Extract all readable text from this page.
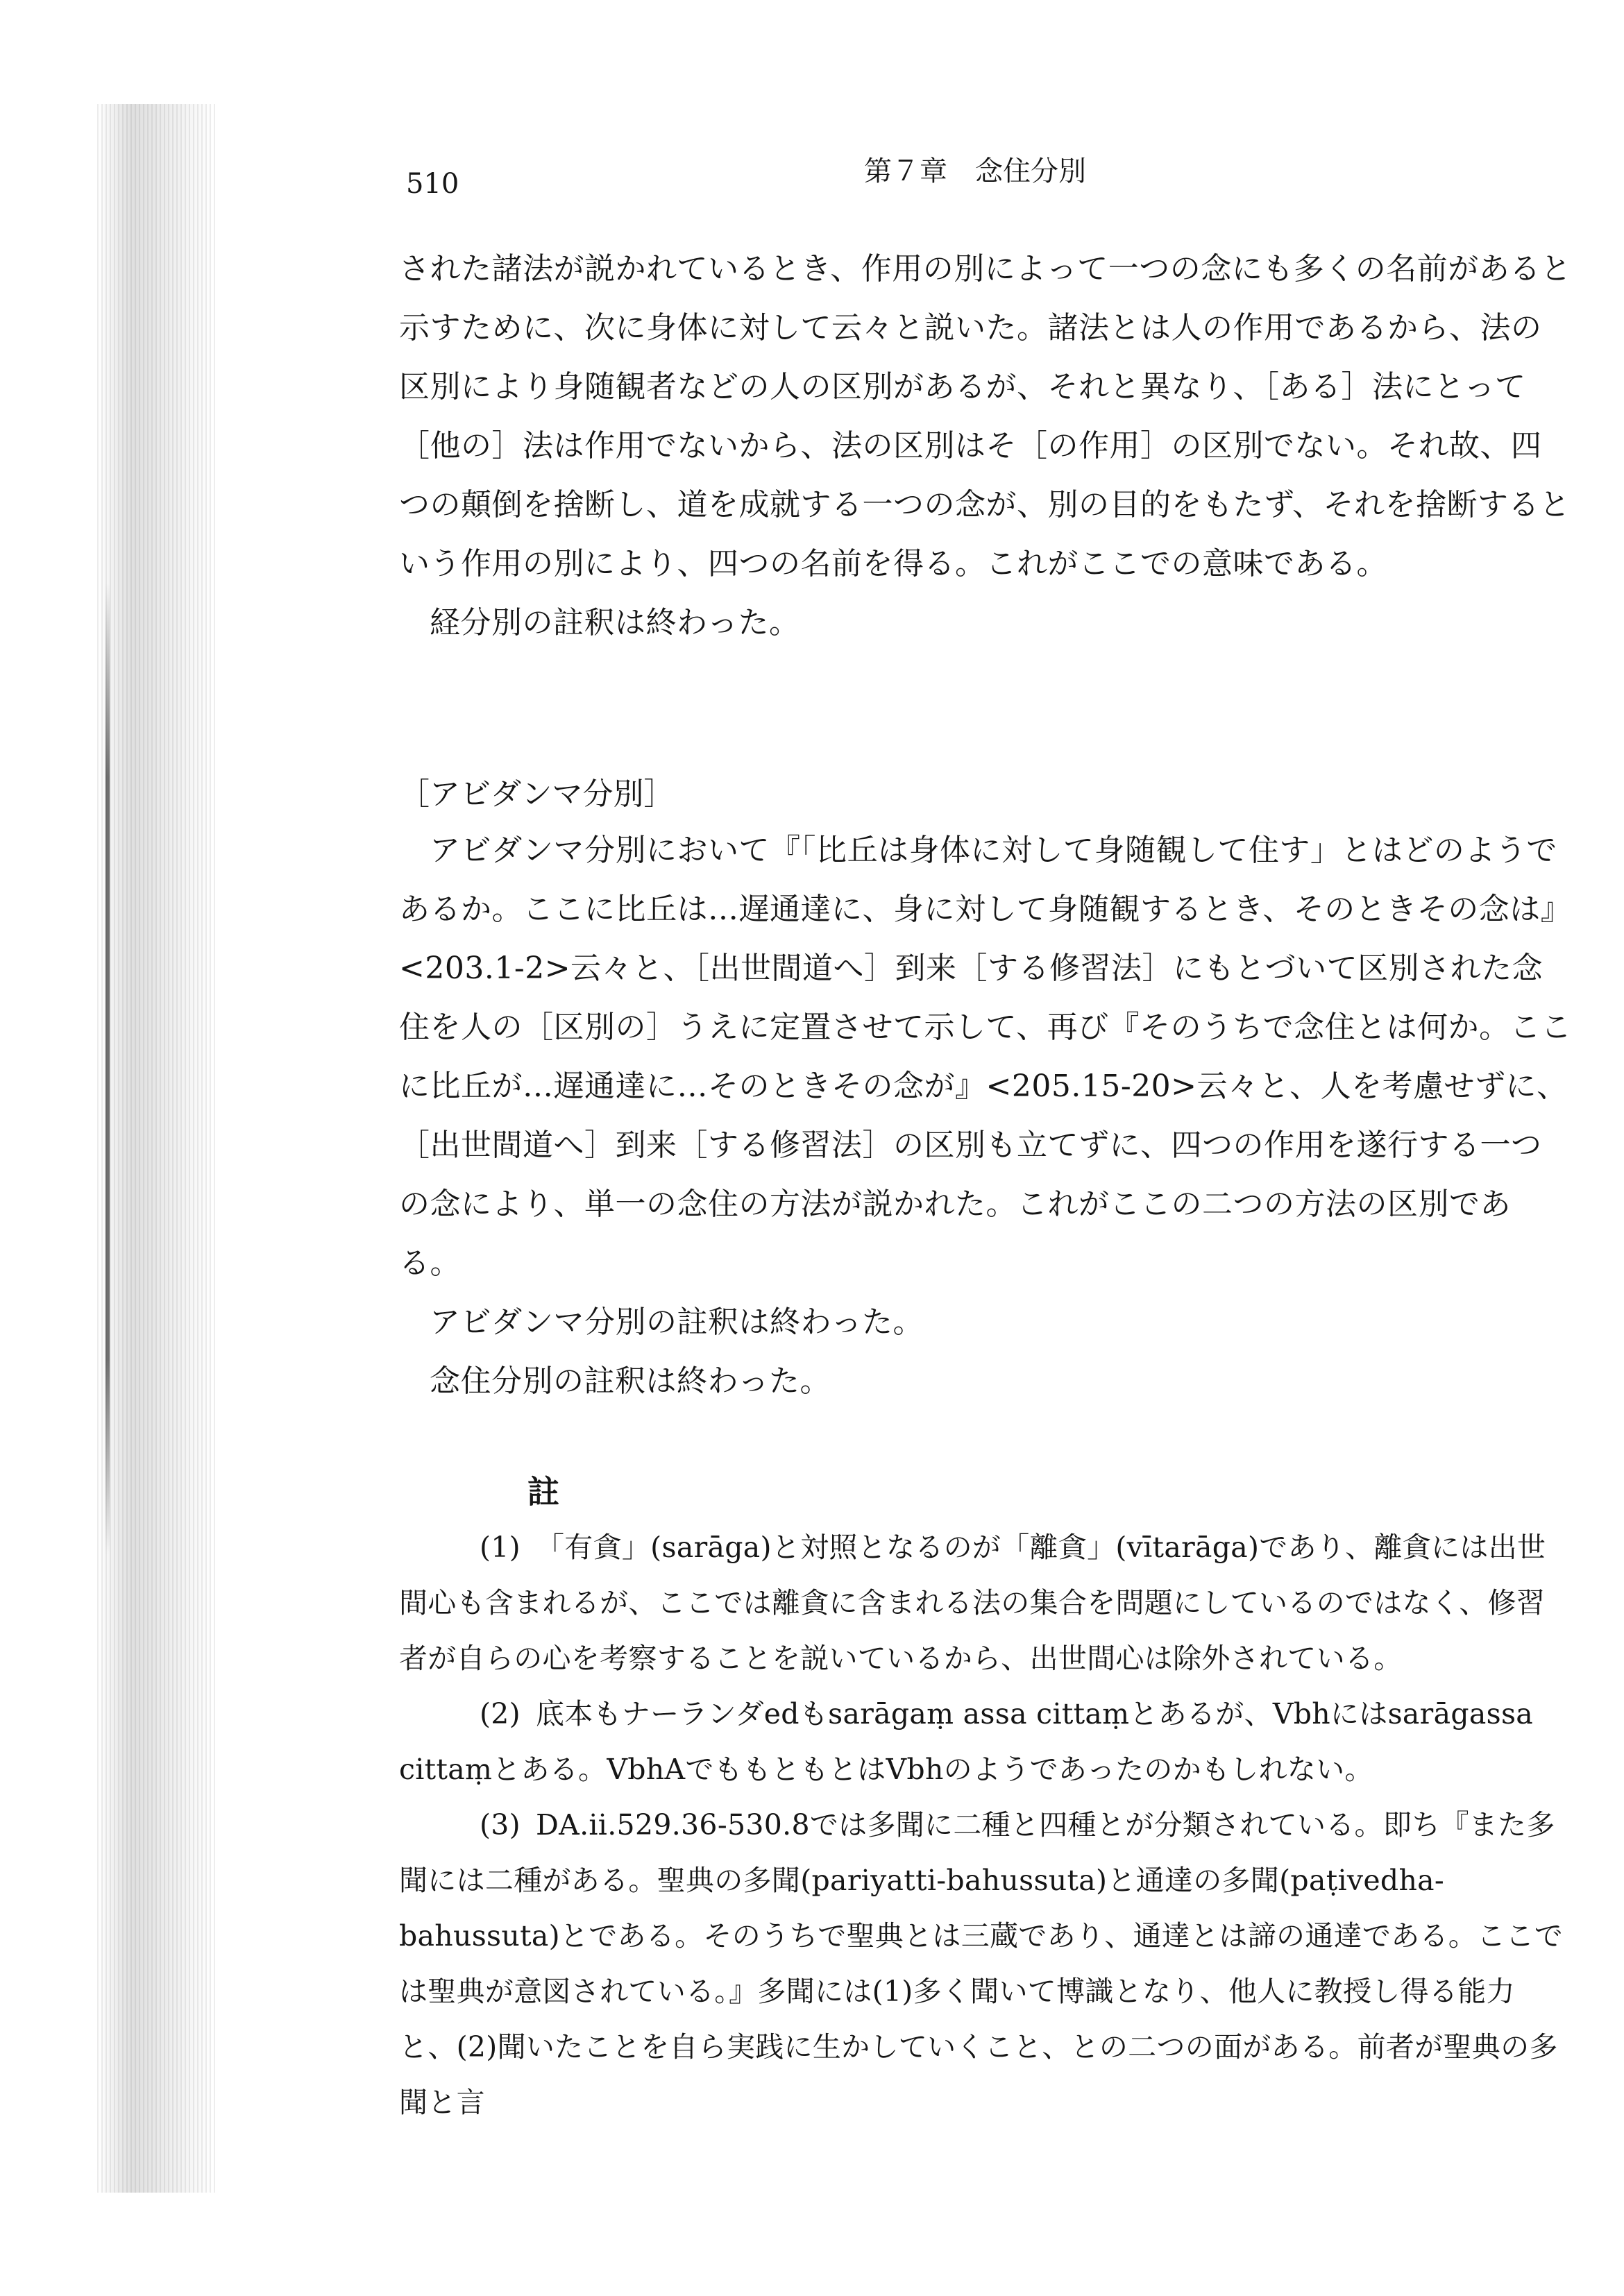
510	第７章　念住分別

された諸法が説かれているとき、作用の別によって一つの念にも多くの名前があると示すために、次に身体に対して云々と説いた。諸法とは人の作用であるから、法の区別により身随観者などの人の区別があるが、それと異なり、［ある］法にとって［他の］法は作用でないから、法の区別はそ［の作用］の区別でない。それ故、四つの顛倒を捨断し、道を成就する一つの念が、別の目的をもたず、それを捨断するという作用の別により、四つの名前を得る。これがここでの意味である。

経分別の註釈は終わった。

［アビダンマ分別］

アビダンマ分別において『「比丘は身体に対して身随観して住す」とはどのようであるか。ここに比丘は…遅通達に、身に対して身随観するとき、そのときその念は』<203.1-2>云々と、［出世間道へ］到来［する修習法］にもとづいて区別された念住を人の［区別の］うえに定置させて示して、再び『そのうちで念住とは何か。ここに比丘が…遅通達に…そのときその念が』<205.15-20>云々と、人を考慮せずに、［出世間道へ］到来［する修習法］の区別も立てずに、四つの作用を遂行する一つの念により、単一の念住の方法が説かれた。これがここの二つの方法の区別である。

アビダンマ分別の註釈は終わった。

念住分別の註釈は終わった。

註

(1) 「有貪」(sarāga)と対照となるのが「離貪」(vītarāga)であり、離貪には出世間心も含まれるが、ここでは離貪に含まれる法の集合を問題にしているのではなく、修習者が自らの心を考察することを説いているから、出世間心は除外されている。

(2) 底本もナーランダedもsarāgaṃ assa cittaṃとあるが、Vbhにはsarāgassa cittaṃとある。VbhAでももともとはVbhのようであったのかもしれない。

(3) DA.ii.529.36-530.8では多聞に二種と四種とが分類されている。即ち『また多聞には二種がある。聖典の多聞(pariyatti-bahussuta)と通達の多聞(paṭivedha-bahussuta)とである。そのうちで聖典とは三蔵であり、通達とは諦の通達である。ここでは聖典が意図されている。』多聞には(1)多く聞いて博識となり、他人に教授し得る能力と、(2)聞いたことを自ら実践に生かしていくこと、との二つの面がある。前者が聖典の多聞と言
